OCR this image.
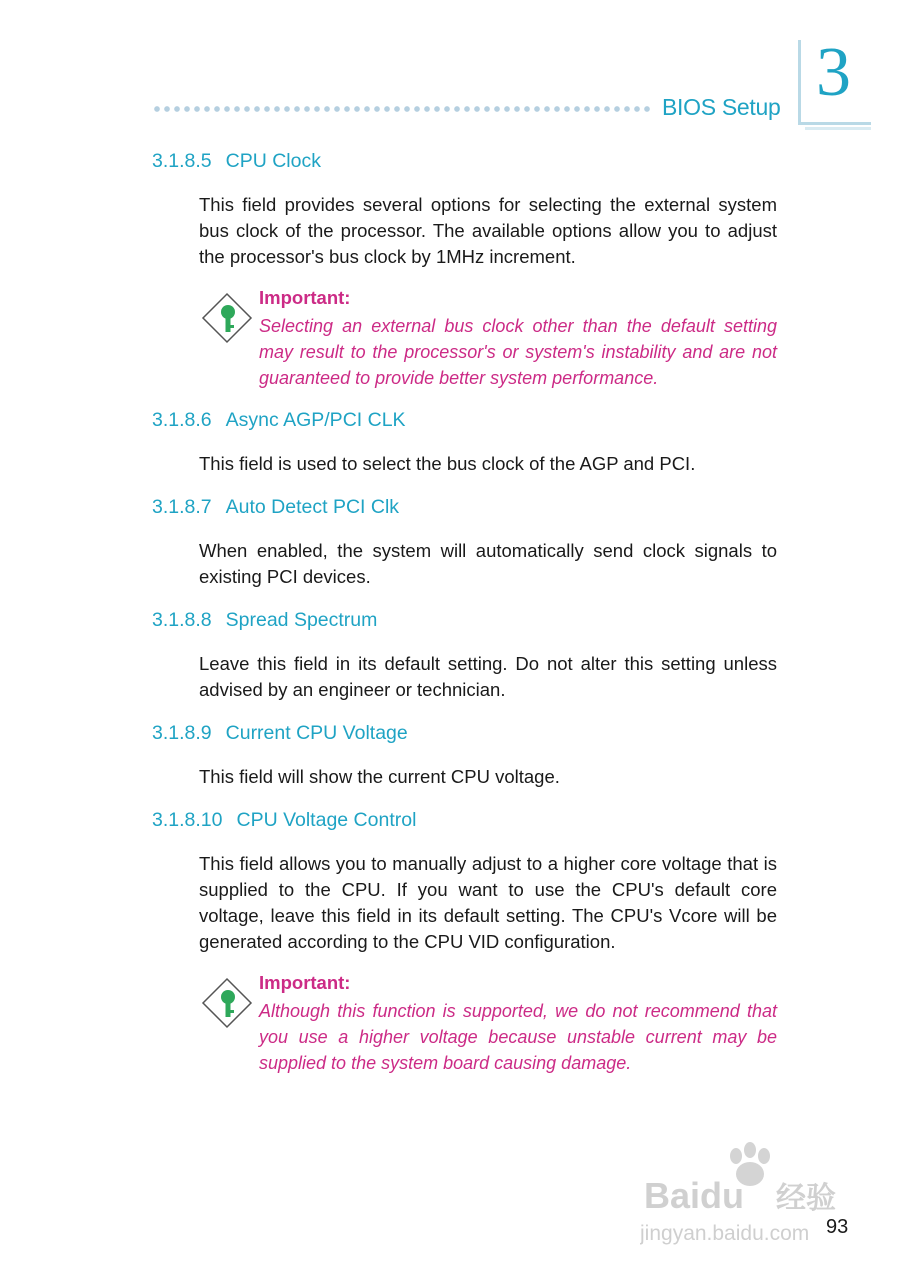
BIOS Setup 3
3.1.8.5 CPU Clock
This field provides several options for selecting the external system bus clock of the processor. The available options allow you to adjust the processor's bus clock by 1MHz increment.
Important:
Selecting an external bus clock other than the default setting may result to the processor's or system's instability and are not guaranteed to provide better system performance.
3.1.8.6 Async AGP/PCI CLK
This field is used to select the bus clock of the AGP and PCI.
3.1.8.7 Auto Detect PCI Clk
When enabled, the system will automatically send clock signals to existing PCI devices.
3.1.8.8 Spread Spectrum
Leave this field in its default setting. Do not alter this setting unless advised by an engineer or technician.
3.1.8.9 Current CPU Voltage
This field will show the current CPU voltage.
3.1.8.10 CPU Voltage Control
This field allows you to manually adjust to a higher core voltage that is supplied to the CPU. If you want to use the CPU's default core voltage, leave this field in its default setting. The CPU's Vcore will be generated according to the CPU VID configuration.
Important:
Although this function is supported, we do not recommend that you use a higher voltage because unstable current may be supplied to the system board causing damage.
Baidu 经验
jingyan.baidu.com 93
